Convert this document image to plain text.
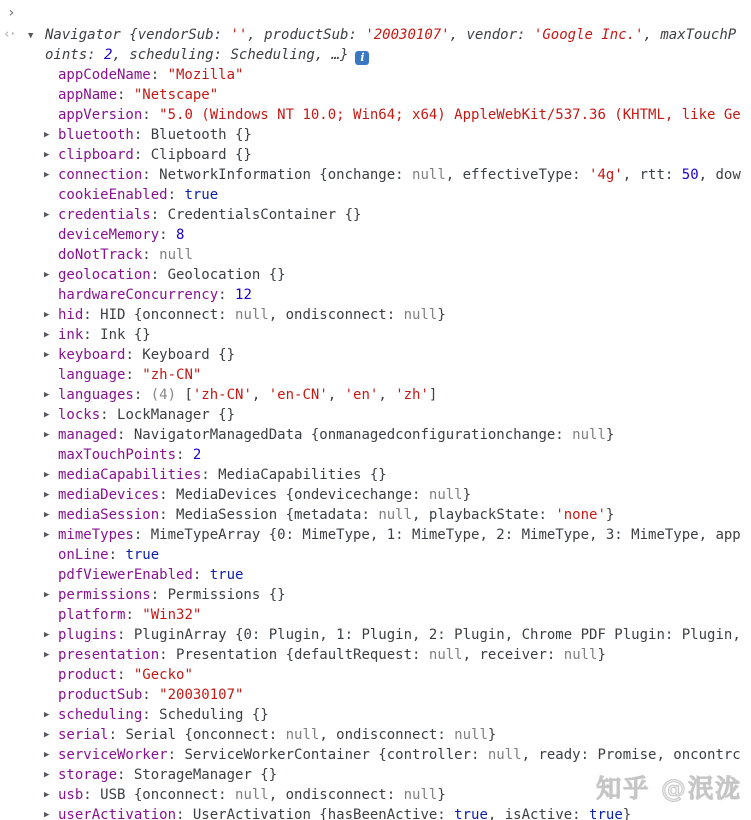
›

‹· ▼ Navigator {vendorSub: '', productSub: '20030107', vendor: 'Google Inc.', maxTouchPoints: 2, scheduling: Scheduling, …} i
appCodeName: "Mozilla"
appName: "Netscape"
appVersion: "5.0 (Windows NT 10.0; Win64; x64) AppleWebKit/537.36 (KHTML, like Ge
▶ bluetooth: Bluetooth {}
▶ clipboard: Clipboard {}
▶ connection: NetworkInformation {onchange: null, effectiveType: '4g', rtt: 50, dow
cookieEnabled: true
▶ credentials: CredentialsContainer {}
deviceMemory: 8
doNotTrack: null
▶ geolocation: Geolocation {}
hardwareConcurrency: 12
▶ hid: HID {onconnect: null, ondisconnect: null}
▶ ink: Ink {}
▶ keyboard: Keyboard {}
language: "zh-CN"
▶ languages: (4) ['zh-CN', 'en-CN', 'en', 'zh']
▶ locks: LockManager {}
▶ managed: NavigatorManagedData {onmanagedconfigurationchange: null}
maxTouchPoints: 2
▶ mediaCapabilities: MediaCapabilities {}
▶ mediaDevices: MediaDevices {ondevicechange: null}
▶ mediaSession: MediaSession {metadata: null, playbackState: 'none'}
▶ mimeTypes: MimeTypeArray {0: MimeType, 1: MimeType, 2: MimeType, 3: MimeType, app
onLine: true
pdfViewerEnabled: true
▶ permissions: Permissions {}
platform: "Win32"
▶ plugins: PluginArray {0: Plugin, 1: Plugin, 2: Plugin, Chrome PDF Plugin: Plugin,
▶ presentation: Presentation {defaultRequest: null, receiver: null}
product: "Gecko"
productSub: "20030107"
▶ scheduling: Scheduling {}
▶ serial: Serial {onconnect: null, ondisconnect: null}
▶ serviceWorker: ServiceWorkerContainer {controller: null, ready: Promise, oncontrc
▶ storage: StorageManager {}
▶ usb: USB {onconnect: null, ondisconnect: null}
▶ userActivation: UserActivation {hasBeenActive: true, isActive: true}
知乎 @泯泷
